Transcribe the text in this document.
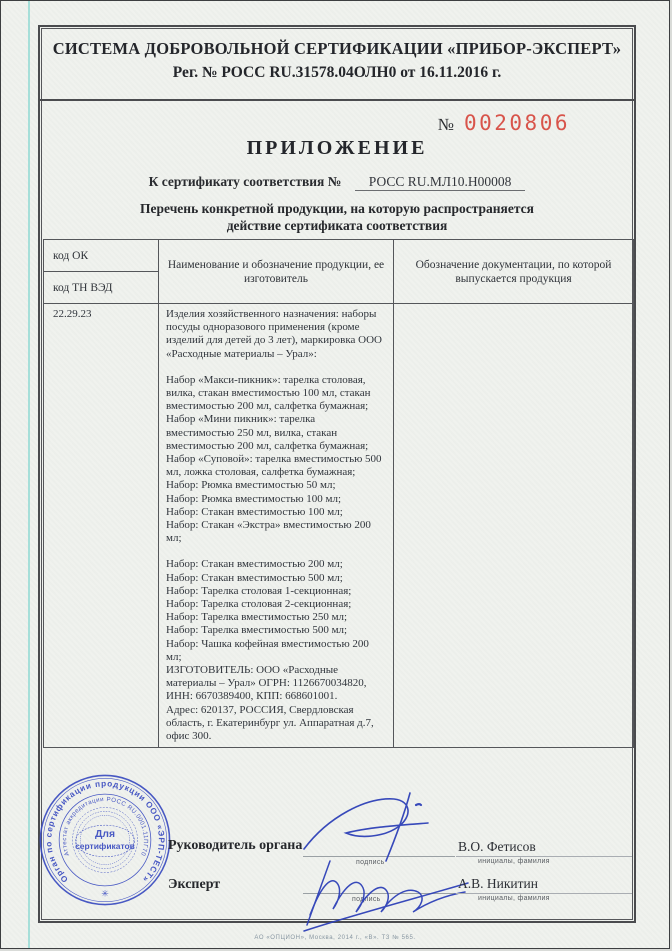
СИСТЕМА ДОБРОВОЛЬНОЙ СЕРТИФИКАЦИИ «ПРИБОР-ЭКСПЕРТ»
Рег. № РОСС RU.31578.04ОЛН0 от 16.11.2016 г.
№ 0020806
ПРИЛОЖЕНИЕ
К сертификату соответствия № РОСС RU.МЛ10.Н00008
Перечень конкретной продукции, на которую распространяется
действие сертификата соответствия
код ОК	Наименование и обозначение продукции, ее изготовитель	Обозначение документации, по которой выпускается продукция
код ТН ВЭД		
22.29.23	Изделия хозяйственного назначения: наборы посуды одноразового применения (кроме изделий для детей до 3 лет), маркировка ООО «Расходные материалы – Урал»:

Набор «Макси-пикник»: тарелка столовая, вилка, стакан вместимостью 100 мл, стакан вместимостью 200 мл, салфетка бумажная;

Набор «Мини пикник»: тарелка вместимостью 250 мл, вилка, стакан вместимостью 200 мл, салфетка бумажная;

Набор «Суповой»: тарелка вместимостью 500 мл, ложка столовая, салфетка бумажная;

Набор: Рюмка вместимостью 50 мл;

Набор: Рюмка вместимостью 100 мл;

Набор: Стакан вместимостью 100 мл;

Набор: Стакан «Экстра» вместимостью 200 мл;

Набор: Стакан вместимостью 200 мл;

Набор: Стакан вместимостью 500 мл;

Набор: Тарелка столовая 1-секционная;

Набор: Тарелка столовая 2-секционная;

Набор: Тарелка вместимостью 250 мл;

Набор: Тарелка вместимостью 500 мл;

Набор: Чашка кофейная вместимостью 200 мл;

ИЗГОТОВИТЕЛЬ: ООО «Расходные материалы – Урал» ОГРН: 1126670034820, ИНН: 6670389400, КПП: 668601001.

Адрес: 620137, РОССИЯ, Свердловская область, г. Екатеринбург ул. Аппаратная д.7, офис 300.

Орган по сертификации продукции ООО «ЭРП-ТЕСТ»
Аттестат аккредитации РОСС RU.0001.11ПГ70
✳
Для
сертификатов Руководитель органа
Эксперт
подпись
подпись
В.О. Фетисов
инициалы, фамилия
А.В. Никитин
инициалы, фамилия
АО «ОПЦИОН», Москва, 2014 г., «В». ТЗ № 565.
